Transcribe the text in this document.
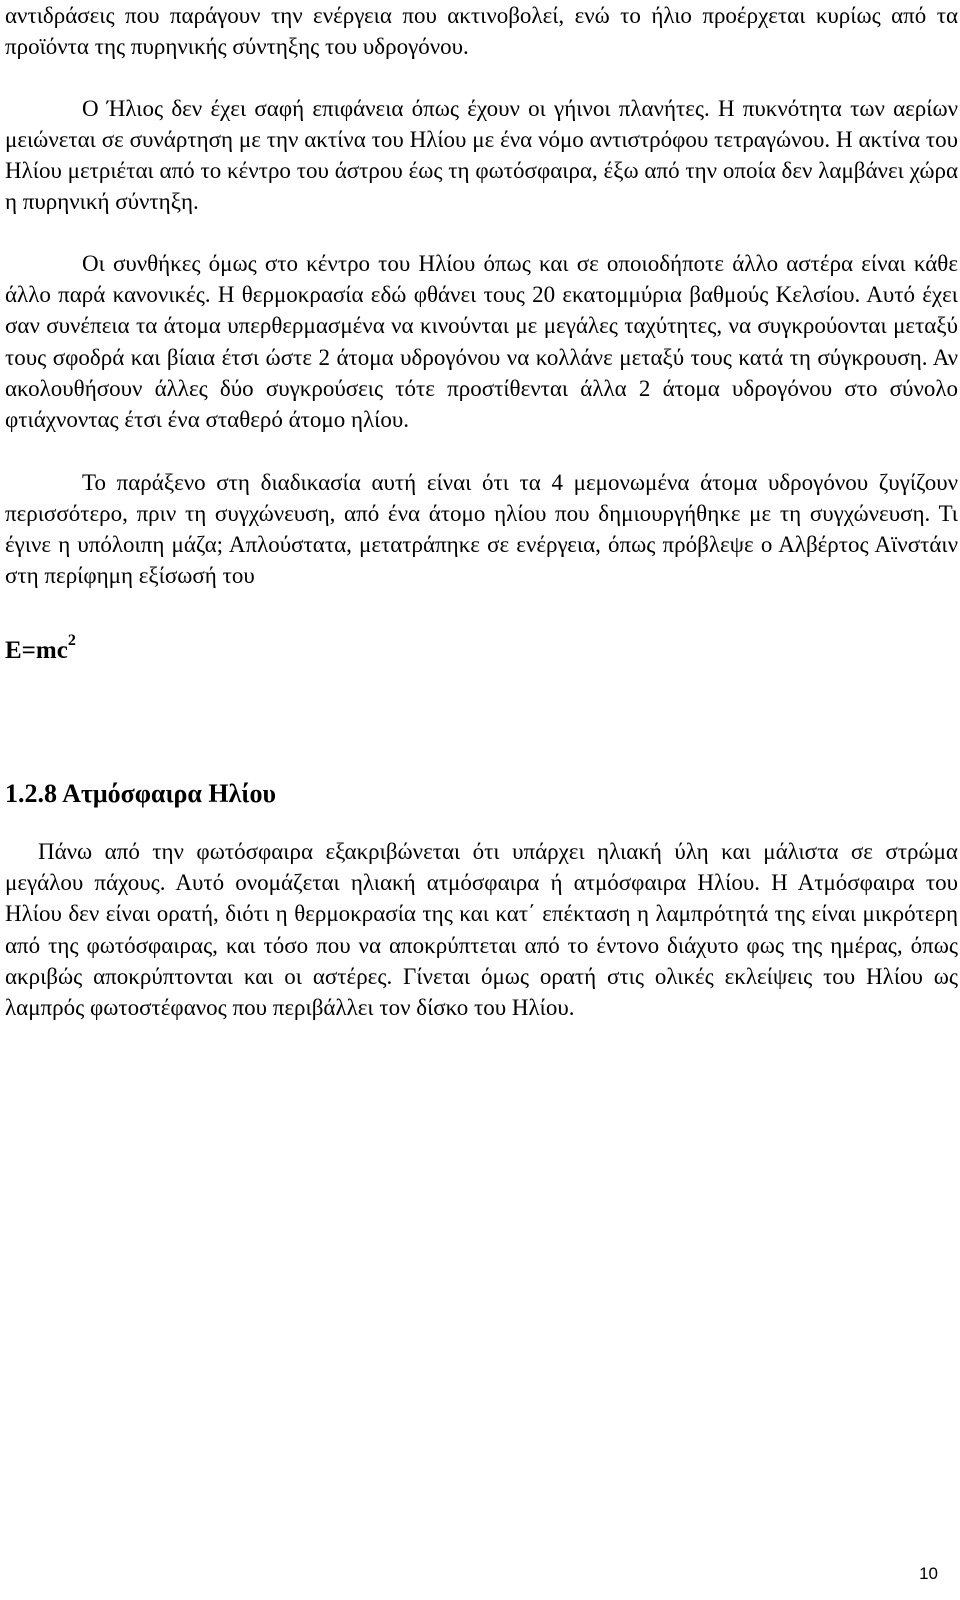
αντιδράσεις που παράγουν την ενέργεια που ακτινοβολεί, ενώ το ήλιο προέρχεται κυρίως από τα προϊόντα της πυρηνικής σύντηξης του υδρογόνου.

Ο Ήλιος δεν έχει σαφή επιφάνεια όπως έχουν οι γήινοι πλανήτες. Η πυκνότητα των αερίων μειώνεται σε συνάρτηση με την ακτίνα του Ηλίου με ένα νόμο αντιστρόφου τετραγώνου. Η ακτίνα του Ηλίου μετριέται από το κέντρο του άστρου έως τη φωτόσφαιρα, έξω από την οποία δεν λαμβάνει χώρα η πυρηνική σύντηξη.

Οι συνθήκες όμως στο κέντρο του Ηλίου όπως και σε οποιοδήποτε άλλο αστέρα είναι κάθε άλλο παρά κανονικές. Η θερμοκρασία εδώ φθάνει τους 20 εκατομμύρια βαθμούς Κελσίου. Αυτό έχει σαν συνέπεια τα άτομα υπερθερμασμένα να κινούνται με μεγάλες ταχύτητες, να συγκρούονται μεταξύ τους σφοδρά και βίαια έτσι ώστε 2 άτομα υδρογόνου να κολλάνε μεταξύ τους κατά τη σύγκρουση. Αν ακολουθήσουν άλλες δύο συγκρούσεις τότε προστίθενται άλλα 2 άτομα υδρογόνου στο σύνολο φτιάχνοντας έτσι ένα σταθερό άτομο ηλίου.

Το παράξενο στη διαδικασία αυτή είναι ότι τα 4 μεμονωμένα άτομα υδρογόνου ζυγίζουν περισσότερο, πριν τη συγχώνευση, από ένα άτομο ηλίου που δημιουργήθηκε με τη συγχώνευση. Τι έγινε η υπόλοιπη μάζα; Απλούστατα, μετατράπηκε σε ενέργεια, όπως πρόβλεψε ο Αλβέρτος Αϊνστάιν στη περίφημη εξίσωσή του

$E=mc^2$

1.2.8 Ατμόσφαιρα Ηλίου

Πάνω από την φωτόσφαιρα εξακριβώνεται ότι υπάρχει ηλιακή ύλη και μάλιστα σε στρώμα μεγάλου πάχους. Αυτό ονομάζεται ηλιακή ατμόσφαιρα ή ατμόσφαιρα Ηλίου. Η Ατμόσφαιρα του Ηλίου δεν είναι ορατή, διότι η θερμοκρασία της και κατ΄ επέκταση η λαμπρότητά της είναι μικρότερη από της φωτόσφαιρας, και τόσο που να αποκρύπτεται από το έντονο διάχυτο φως της ημέρας, όπως ακριβώς αποκρύπτονται και οι αστέρες. Γίνεται όμως ορατή στις ολικές εκλείψεις του Ηλίου ως λαμπρός φωτοστέφανος που περιβάλλει τον δίσκο του Ηλίου.

10
